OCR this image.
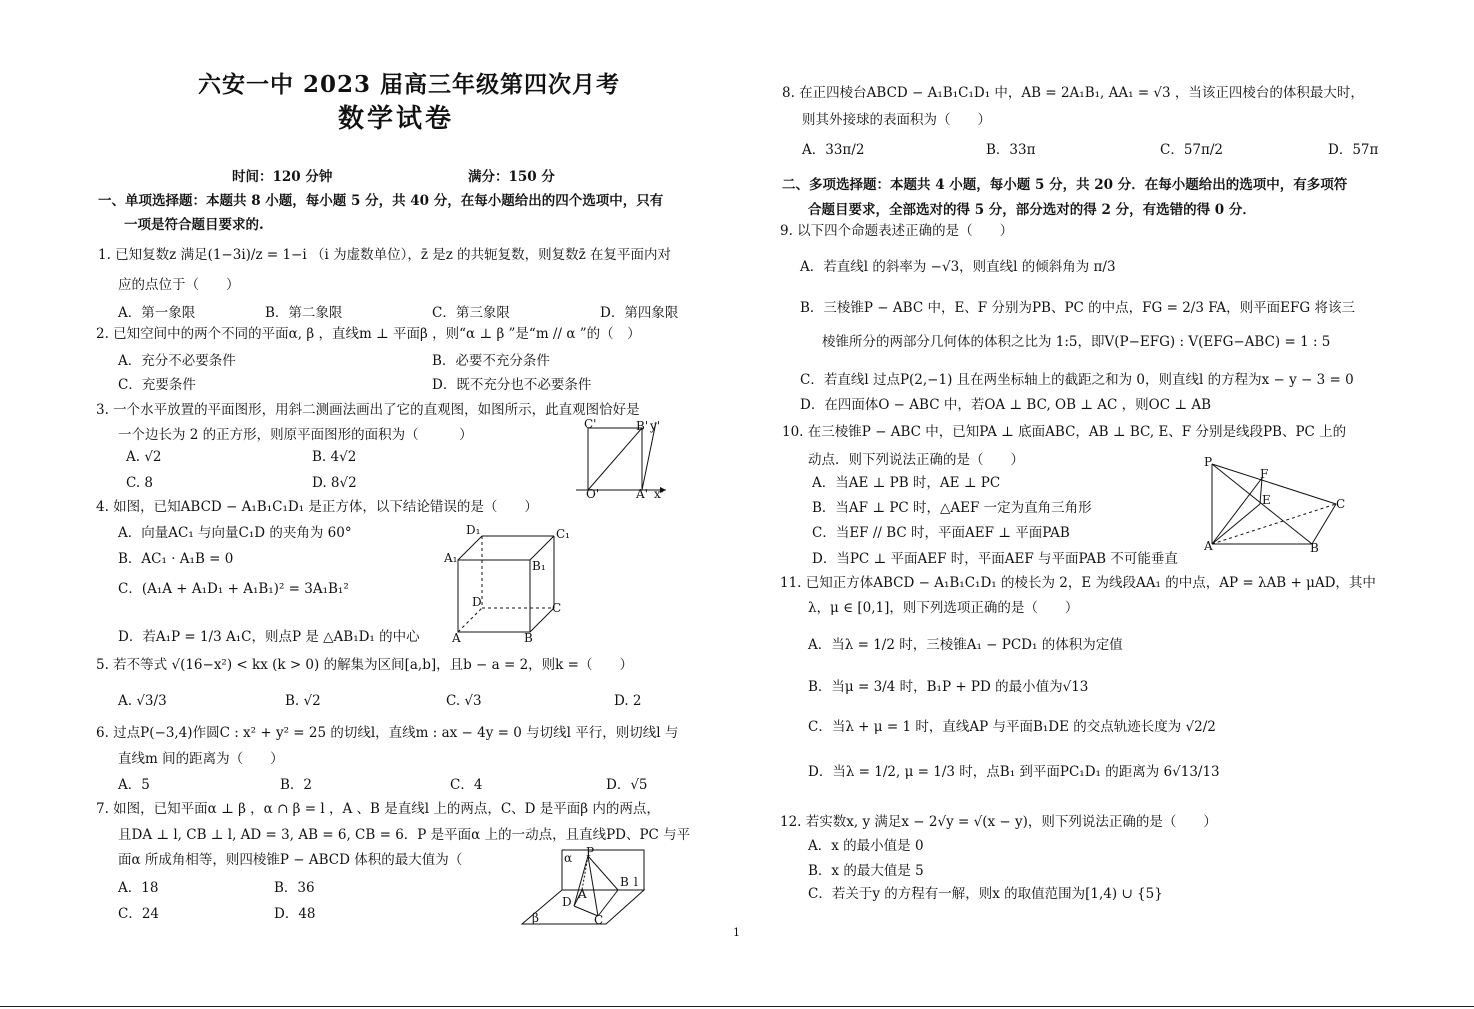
六安一中 2023 届高三年级第四次月考
数学试卷
时间：120 分钟	满分：150 分
一、单项选择题：本题共 8 小题，每小题 5 分，共 40 分，在每小题给出的四个选项中，只有
一项是符合题目要求的.
1. 已知复数z 满足(1−3i)/z = 1−i （i 为虚数单位），z̄ 是z 的共轭复数，则复数z̄ 在复平面内对
应的点位于（　　）
A．第一象限	B．第二象限	C．第三象限	D．第四象限
2. 已知空间中的两个不同的平面α, β ，直线m ⊥ 平面β ，则“α ⊥ β ”是“m // α ”的（　）
A．充分不必要条件	B．必要不充分条件
C．充要条件	D．既不充分也不必要条件
3. 一个水平放置的平面图形，用斜二测画法画出了它的直观图，如图所示，此直观图恰好是
一个边长为 2 的正方形，则原平面图形的面积为（　　　）
A. √2	B. 4√2
C. 8	D. 8√2
C'	B' y'
O'	A' x'
4. 如图，已知ABCD − A₁B₁C₁D₁ 是正方体，以下结论错误的是（　　）
A．向量AC₁ 与向量C₁D 的夹角为 60°
B．AC₁ · A₁B = 0
C．(A₁A + A₁D₁ + A₁B₁)² = 3A₁B₁²
D．若A₁P = 1/3 A₁C，则点P 是 △AB₁D₁ 的中心
D₁	C₁
A₁
B₁
D	C
A	B
5. 若不等式 √(16−x²) < kx (k > 0) 的解集为区间[a,b]，且b − a = 2，则k =（　　）
A. √3/3	B. √2	C. √3	D. 2
6. 过点P(−3,4)作圆C : x² + y² = 25 的切线l，直线m : ax − 4y = 0 与切线l 平行，则切线l 与
直线m 间的距离为（　　）
A．5	B．2	C．4	D．√5
7. 如图，已知平面α ⊥ β ，α ∩ β = l ，A 、B 是直线l 上的两点，C、D 是平面β 内的两点，
且DA ⊥ l, CB ⊥ l, AD = 3, AB = 6, CB = 6．P 是平面α 上的一动点，且直线PD、PC 与平
面α 所成角相等，则四棱锥P − ABCD 体积的最大值为（
A．18	B．36
C．24	D．48
α P
B l
D
A
C
β
8. 在正四棱台ABCD − A₁B₁C₁D₁ 中，AB = 2A₁B₁, AA₁ = √3 ，当该正四棱台的体积最大时，
则其外接球的表面积为（　　）
A．33π/2	B．33π	C．57π/2	D．57π
二、多项选择题：本题共 4 小题，每小题 5 分，共 20 分．在每小题给出的选项中，有多项符
合题目要求，全部选对的得 5 分，部分选对的得 2 分，有选错的得 0 分．
9. 以下四个命题表述正确的是（　　）
A．若直线l 的斜率为 −√3，则直线l 的倾斜角为 π/3
B．三棱锥P − ABC 中，E、F 分别为PB、PC 的中点，FG = 2/3 FA，则平面EFG 将该三
棱锥所分的两部分几何体的体积之比为 1:5，即V(P−EFG) : V(EFG−ABC) = 1 : 5
C．若直线l 过点P(2,−1) 且在两坐标轴上的截距之和为 0，则直线l 的方程为x − y − 3 = 0
D．在四面体O − ABC 中，若OA ⊥ BC, OB ⊥ AC ，则OC ⊥ AB
10. 在三棱锥P − ABC 中，已知PA ⊥ 底面ABC，AB ⊥ BC, E、F 分别是线段PB、PC 上的
动点．则下列说法正确的是（　　）
A．当AE ⊥ PB 时，AE ⊥ PC
B．当AF ⊥ PC 时，△AEF 一定为直角三角形
C．当EF // BC 时，平面AEF ⊥ 平面PAB
D．当PC ⊥ 平面AEF 时，平面AEF 与平面PAB 不可能垂直
P
F
E	C
A	B
11. 已知正方体ABCD − A₁B₁C₁D₁ 的棱长为 2，E 为线段AA₁ 的中点，AP = λAB + μAD，其中
λ，μ ∈ [0,1]，则下列选项正确的是（　　）
A．当λ = 1/2 时，三棱锥A₁ − PCD₁ 的体积为定值
B．当μ = 3/4 时，B₁P + PD 的最小值为√13
C．当λ + μ = 1 时，直线AP 与平面B₁DE 的交点轨迹长度为 √2/2
D．当λ = 1/2, μ = 1/3 时，点B₁ 到平面PC₁D₁ 的距离为 6√13/13
12. 若实数x, y 满足x − 2√y = √(x − y)，则下列说法正确的是（　　）
A．x 的最小值是 0
B．x 的最大值是 5
C．若关于y 的方程有一解，则x 的取值范围为[1,4) ∪ {5}
1
